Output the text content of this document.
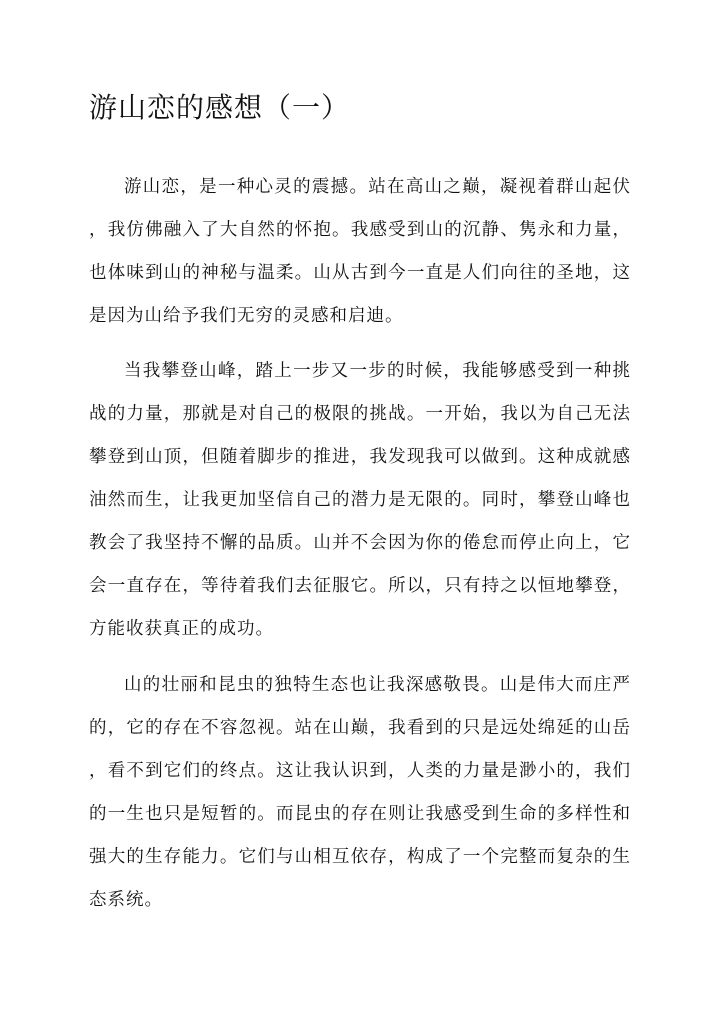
游山恋的感想（一）

游山恋，是一种心灵的震撼。站在高山之巅，凝视着群山起伏

，我仿佛融入了大自然的怀抱。我感受到山的沉静、隽永和力量，

也体味到山的神秘与温柔。山从古到今一直是人们向往的圣地，这

是因为山给予我们无穷的灵感和启迪。

当我攀登山峰，踏上一步又一步的时候，我能够感受到一种挑

战的力量，那就是对自己的极限的挑战。一开始，我以为自己无法

攀登到山顶，但随着脚步的推进，我发现我可以做到。这种成就感

油然而生，让我更加坚信自己的潜力是无限的。同时，攀登山峰也

教会了我坚持不懈的品质。山并不会因为你的倦怠而停止向上，它

会一直存在，等待着我们去征服它。所以，只有持之以恒地攀登，

方能收获真正的成功。

山的壮丽和昆虫的独特生态也让我深感敬畏。山是伟大而庄严

的，它的存在不容忽视。站在山巅，我看到的只是远处绵延的山岳

，看不到它们的终点。这让我认识到，人类的力量是渺小的，我们

的一生也只是短暂的。而昆虫的存在则让我感受到生命的多样性和

强大的生存能力。它们与山相互依存，构成了一个完整而复杂的生

态系统。
